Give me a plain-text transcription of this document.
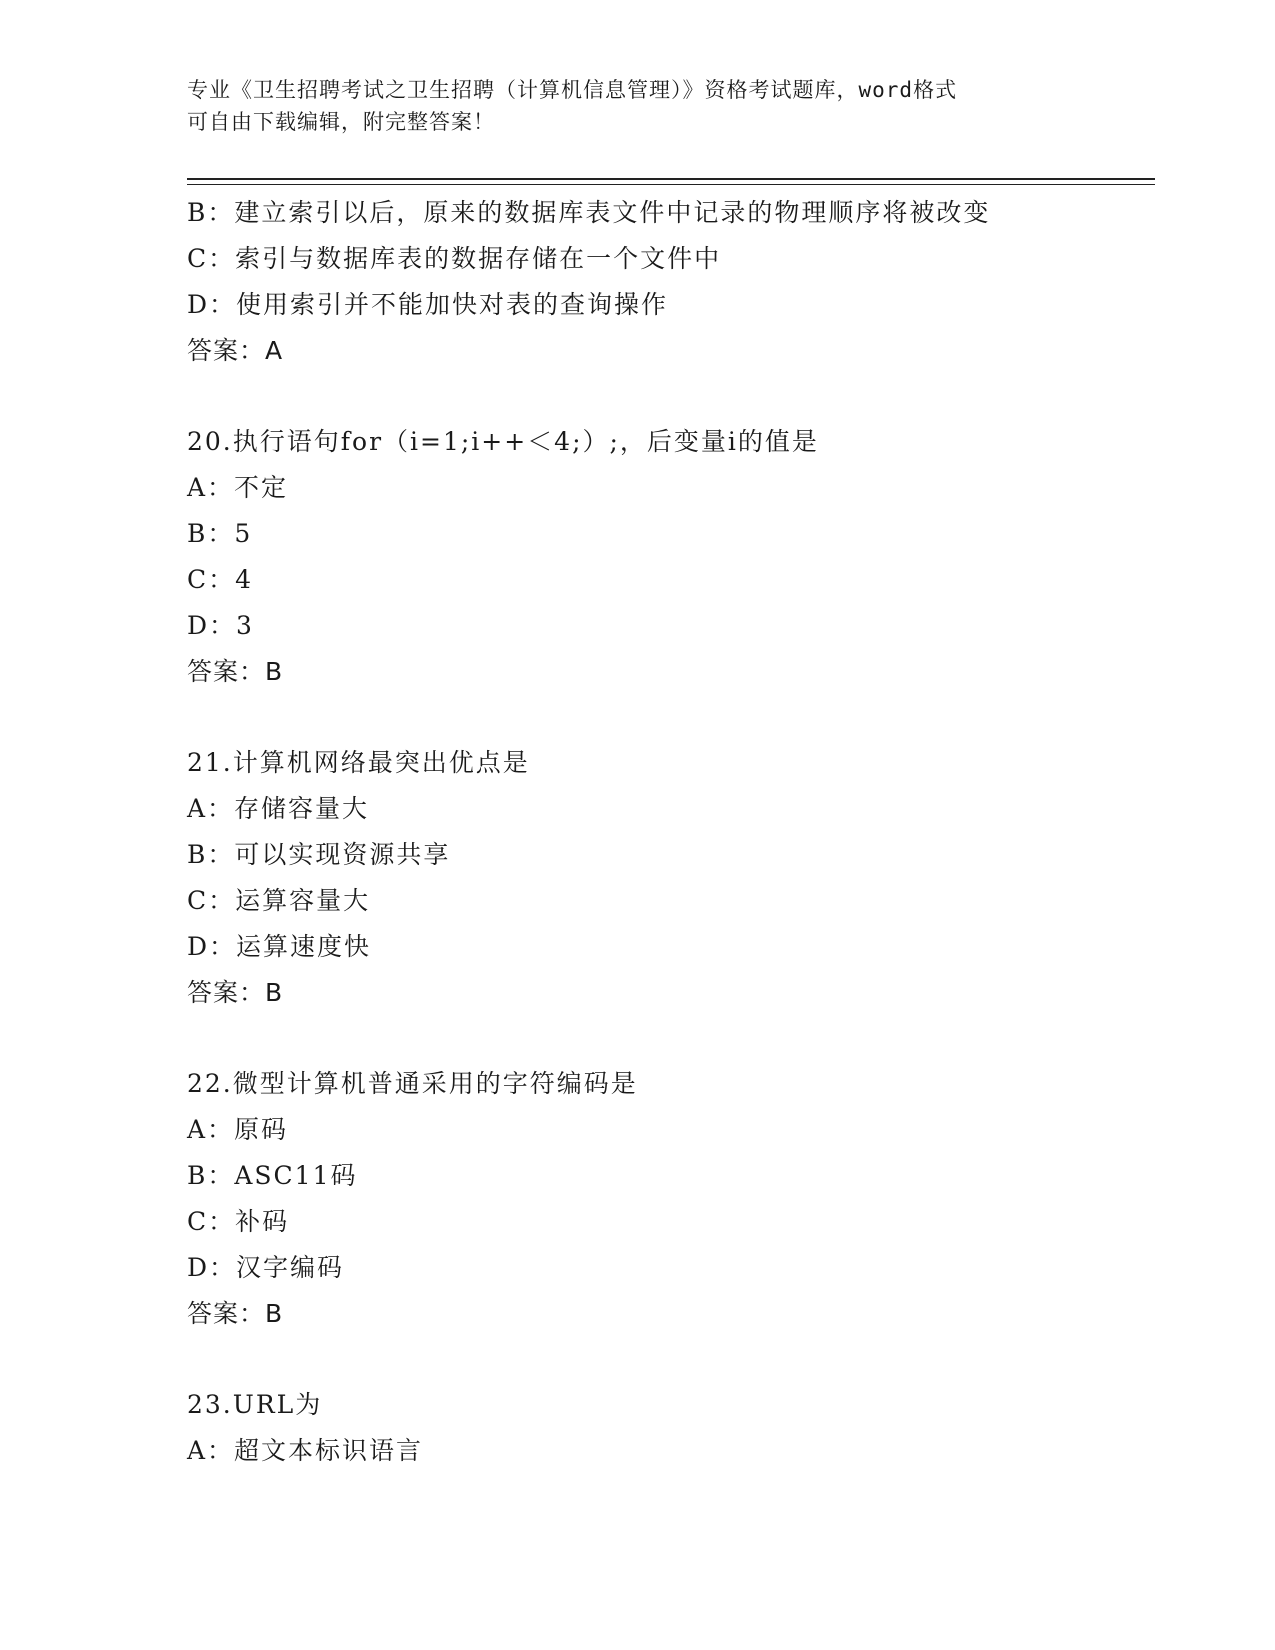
专业《卫生招聘考试之卫生招聘（计算机信息管理）》资格考试题库，word格式
可自由下载编辑，附完整答案！
B：建立索引以后，原来的数据库表文件中记录的物理顺序将被改变
C：索引与数据库表的数据存储在一个文件中
D：使用索引并不能加快对表的查询操作
答案：A
20.执行语句for（i=1;i++＜4;）;，后变量i的值是
A：不定
B：5
C：4
D：3
答案：B
21.计算机网络最突出优点是
A：存储容量大
B：可以实现资源共享
C：运算容量大
D：运算速度快
答案：B
22.微型计算机普通采用的字符编码是
A：原码
B：ASC11码
C：补码
D：汉字编码
答案：B
23.URL为
A：超文本标识语言
